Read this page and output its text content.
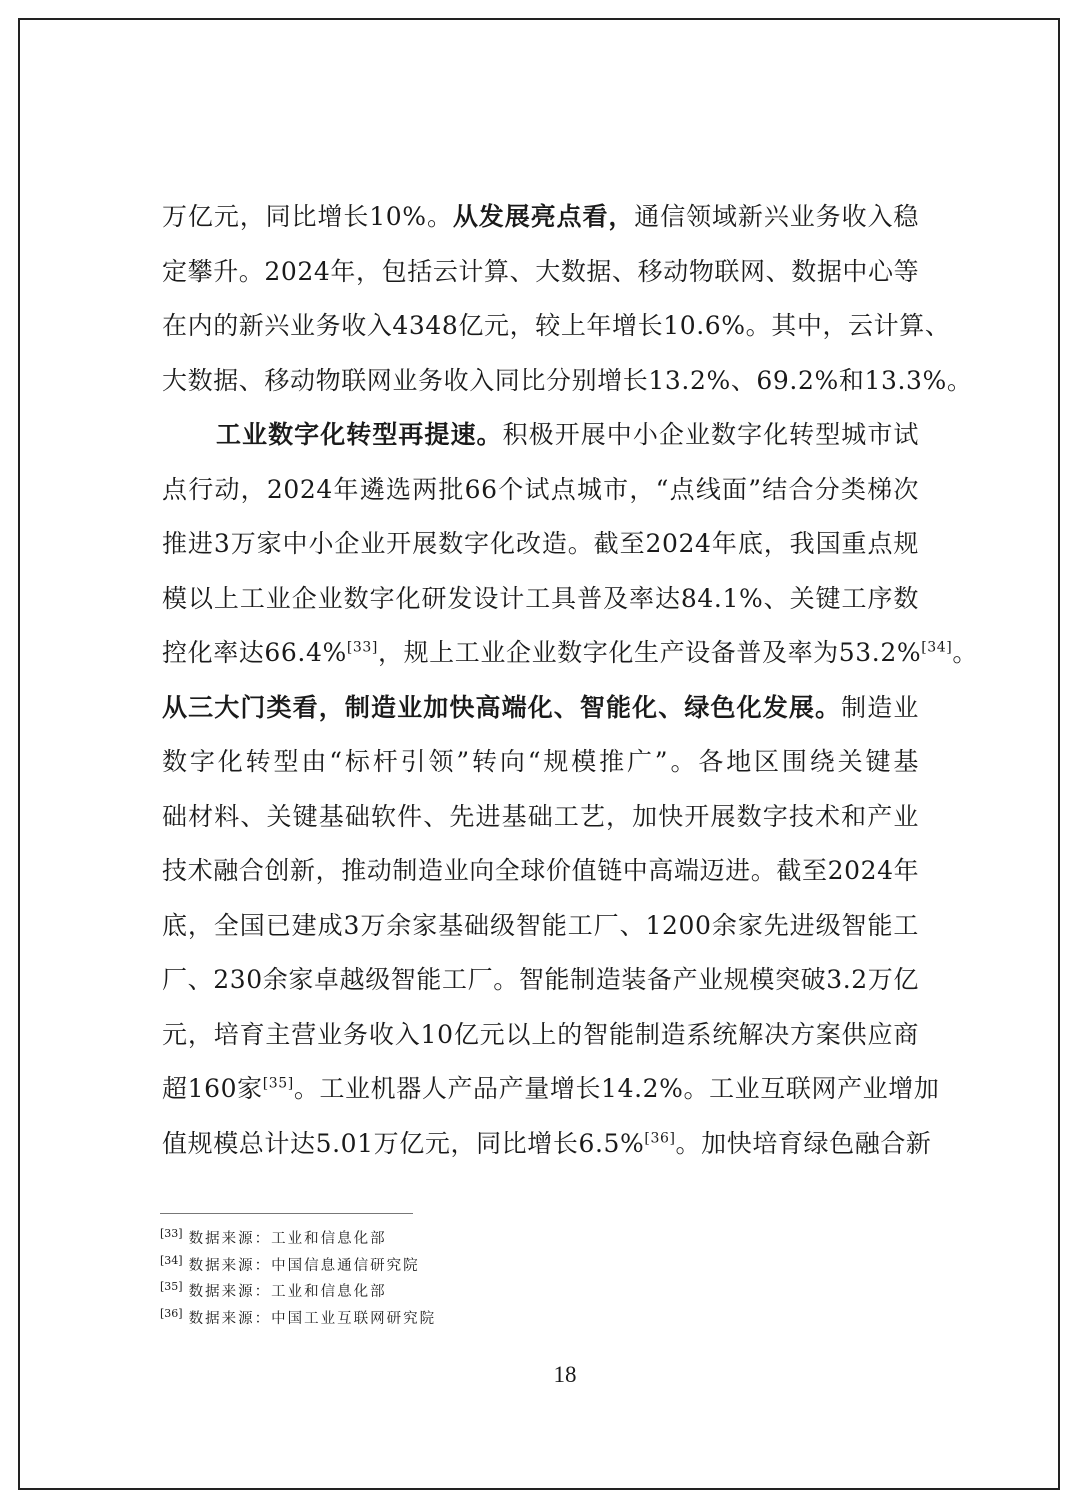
万亿元，同比增长10%。从发展亮点看，通信领域新兴业务收入稳
定攀升。2024年，包括云计算、大数据、移动物联网、数据中心等
在内的新兴业务收入4348亿元，较上年增长10.6%。其中，云计算、
大数据、移动物联网业务收入同比分别增长13.2%、69.2%和13.3%。
工业数字化转型再提速。积极开展中小企业数字化转型城市试
点行动，2024年遴选两批66个试点城市，“点线面”结合分类梯次
推进3万家中小企业开展数字化改造。截至2024年底，我国重点规
模以上工业企业数字化研发设计工具普及率达84.1%、关键工序数
控化率达66.4%[33]，规上工业企业数字化生产设备普及率为53.2%[34]。
从三大门类看，制造业加快高端化、智能化、绿色化发展。制造业
数字化转型由“标杆引领”转向“规模推广”。各地区围绕关键基
础材料、关键基础软件、先进基础工艺，加快开展数字技术和产业
技术融合创新，推动制造业向全球价值链中高端迈进。截至2024年
底，全国已建成3万余家基础级智能工厂、1200余家先进级智能工
厂、230余家卓越级智能工厂。智能制造装备产业规模突破3.2万亿
元，培育主营业务收入10亿元以上的智能制造系统解决方案供应商
超160家[35]。工业机器人产品产量增长14.2%。工业互联网产业增加
值规模总计达5.01万亿元，同比增长6.5%[36]。加快培育绿色融合新
[33] 数据来源：工业和信息化部
[34] 数据来源：中国信息通信研究院
[35] 数据来源：工业和信息化部
[36] 数据来源：中国工业互联网研究院
18
